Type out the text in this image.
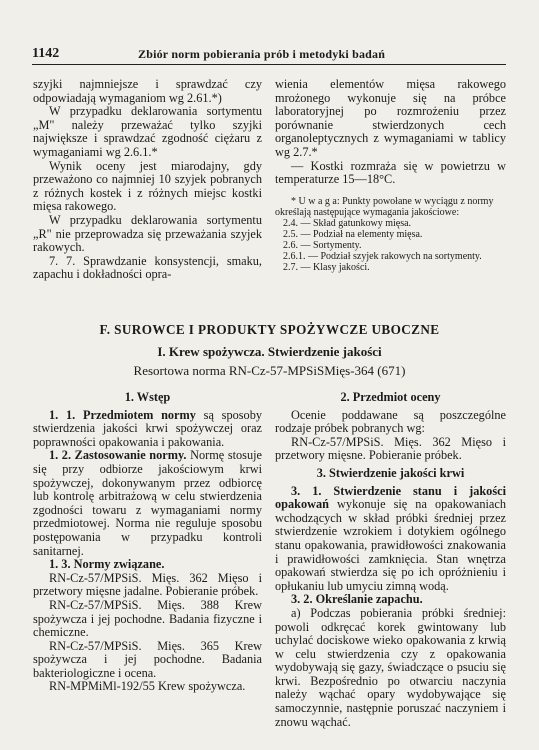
1142	Zbiór norm pobierania prób i metodyki badań

szyjki najmniejsze i sprawdzać czy odpowiadają wymaganiom wg 2.61.*)

W przypadku deklarowania sortymentu „M" należy przeważać tylko szyjki największe i sprawdzać zgodność ciężaru z wymaganiami wg 2.6.1.*

Wynik oceny jest miarodajny, gdy przeważono co najmniej 10 szyjek pobranych z różnych kostek i z różnych miejsc kostki mięsa rakowego.

W przypadku deklarowania sortymentu „R" nie przeprowadza się przeważania szyjek rakowych.

7. 7. Sprawdzanie konsystencji, smaku, zapachu i dokładności opra-

wienia elementów mięsa rakowego mrożonego wykonuje się na próbce laboratoryjnej po rozmrożeniu przez porównanie stwierdzonych cech organoleptycznych z wymaganiami w tablicy wg 2.7.*

— Kostki rozmraża się w powietrzu w temperaturze 15—18°C.

* U w a g a: Punkty powołane w wyciągu z normy określają następujące wymagania jakościowe:
2.4. — Skład gatunkowy mięsa.
2.5. — Podział na elementy mięsa.
2.6. — Sortymenty.
2.6.1. — Podział szyjek rakowych na sortymenty.
2.7. — Klasy jakości.
F. SUROWCE I PRODUKTY SPOŻYWCZE UBOCZNE
I. Krew spożywcza. Stwierdzenie jakości
Resortowa norma RN-Cz-57-MPSiSMięs-364 (671)
1. Wstęp

1. 1. Przedmiotem normy są sposoby stwierdzenia jakości krwi spożywczej oraz poprawności opakowania i pakowania.

1. 2. Zastosowanie normy. Normę stosuje się przy odbiorze jakościowym krwi spożywczej, dokonywanym przez odbiorcę lub kontrolę arbitrażową w celu stwierdzenia zgodności towaru z wymaganiami normy przedmiotowej. Norma nie reguluje sposobu postępowania w przypadku kontroli sanitarnej.

1. 3. Normy związane.

RN-Cz-57/MPSiS. Mięs. 362 Mięso i przetwory mięsne jadalne. Pobieranie próbek.

RN-Cz-57/MPSiS. Mięs. 388 Krew spożywcza i jej pochodne. Badania fizyczne i chemiczne.

RN-Cz-57/MPSiS. Mięs. 365 Krew spożywcza i jej pochodne. Badania bakteriologiczne i ocena.

RN-MPMiMl-192/55 Krew spożywcza.

2. Przedmiot oceny

Ocenie poddawane są poszczególne rodzaje próbek pobranych wg:

RN-Cz-57/MPSiS. Mięs. 362 Mięso i przetwory mięsne. Pobieranie próbek.

3. Stwierdzenie jakości krwi

3. 1. Stwierdzenie stanu i jakości opakowań wykonuje się na opakowaniach wchodzących w skład próbki średniej przez stwierdzenie wzrokiem i dotykiem ogólnego stanu opakowania, prawidłowości znakowania i prawidłowości zamknięcia. Stan wnętrza opakowań stwierdza się po ich opróżnieniu i opłukaniu lub umyciu zimną wodą.

3. 2. Określanie zapachu.

a) Podczas pobierania próbki średniej: powoli odkręcać korek gwintowany lub uchylać dociskowe wieko opakowania z krwią w celu stwierdzenia czy z opakowania wydobywają się gazy, świadczące o psuciu się krwi. Bezpośrednio po otwarciu naczynia należy wąchać opary wydobywające się samoczynnie, następnie poruszać naczyniem i znowu wąchać.
